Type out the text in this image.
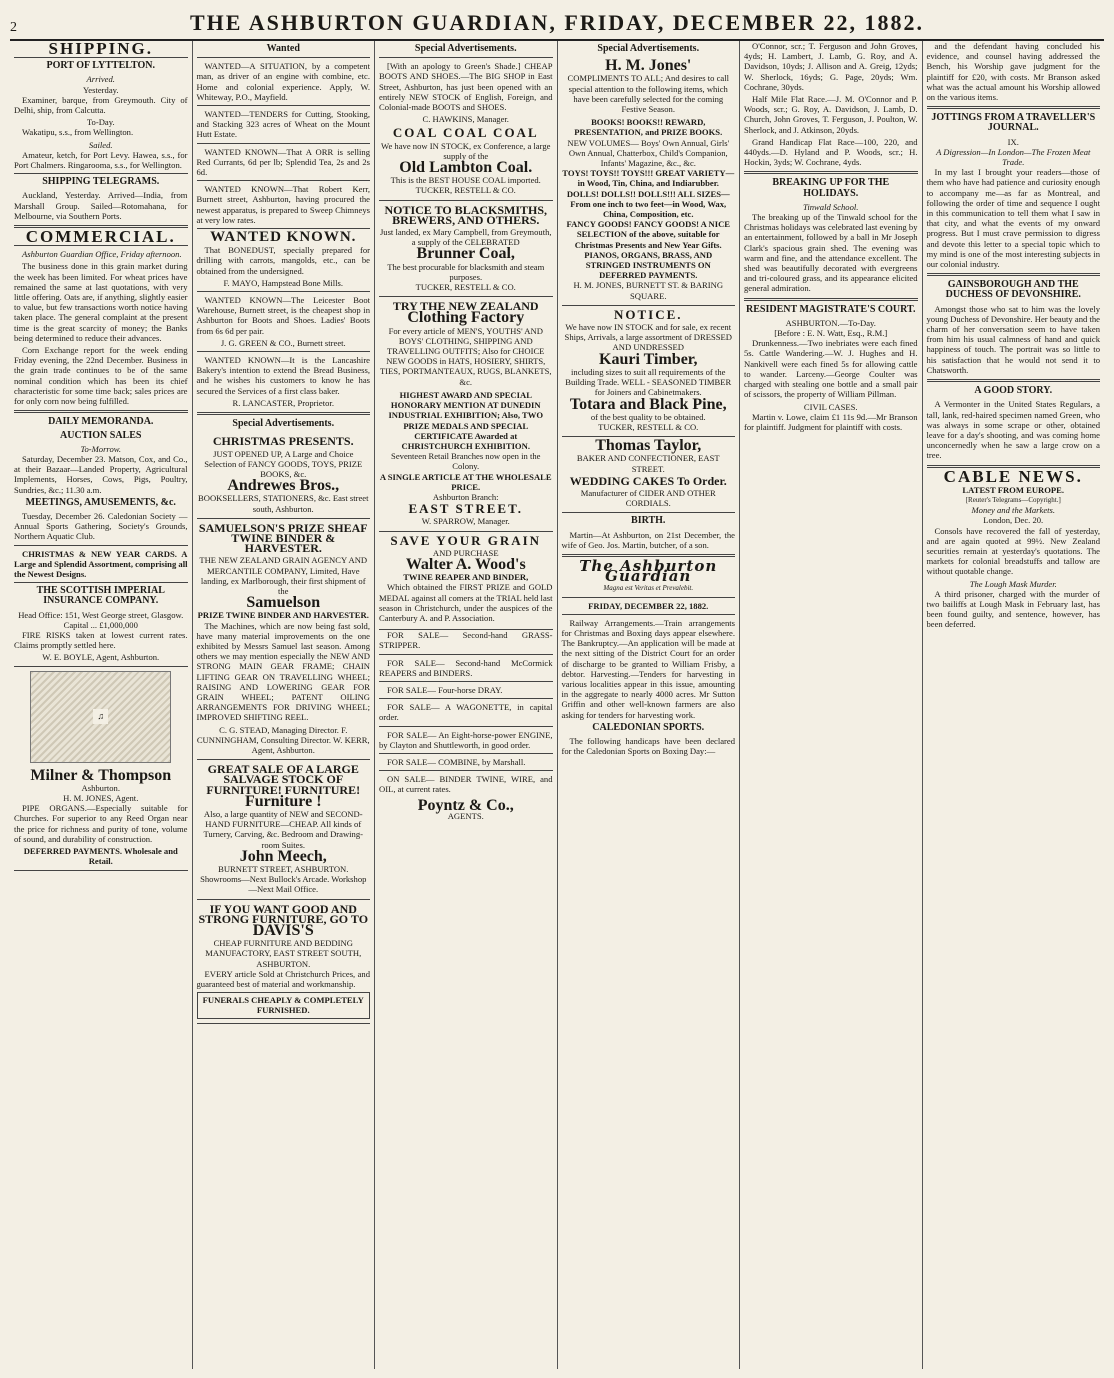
2	THE ASHBURTON GUARDIAN, FRIDAY, DECEMBER 22, 1882.
SHIPPING.
PORT OF LYTTELTON.
Arrived.
Yesterday.

Examiner, barque, from Greymouth. City of Delhi, ship, from Calcutta.

To-Day.

Wakatipu, s.s., from Wellington.

Sailed.

Amateur, ketch, for Port Levy. Hawea, s.s., for Port Chalmers. Ringarooma, s.s., for Wellington.

SHIPPING TELEGRAMS.

Auckland, Yesterday. Arrived—India, from Marshall Group. Sailed—Rotomahana, for Melbourne, via Southern Ports.

COMMERCIAL.

Ashburton Guardian Office, Friday afternoon.

The business done in this grain market during the week has been limited. For wheat prices have remained the same at last quotations, with very little offering. Oats are, if anything, slightly easier to value, but few transactions worth notice having taken place. The general complaint at the present time is the great scarcity of money; the Banks being determined to reduce their advances.

Corn Exchange report for the week ending Friday evening, the 22nd December. Business in the grain trade continues to be of the same nominal condition which has been its chief characteristic for some time back; sales prices are for only corn now being fulfilled.

DAILY MEMORANDA.
AUCTION SALES
To-Morrow.

Saturday, December 23. Matson, Cox, and Co., at their Bazaar—Landed Property, Agricultural Implements, Horses, Cows, Pigs, Poultry, Sundries, &c.; 11.30 a.m.

MEETINGS, AMUSEMENTS, &c.

Tuesday, December 26. Caledonian Society — Annual Sports Gathering, Society's Grounds, Northern Aquatic Club.

CHRISTMAS & NEW YEAR CARDS. A Large and Splendid Assortment, comprising all the Newest Designs.

THE SCOTTISH IMPERIAL INSURANCE COMPANY.
Head Office: 151, West George street, Glasgow.
Capital ... £1,000,000

FIRE RISKS taken at lowest current rates. Claims promptly settled here.

W. E. BOYLE, Agent, Ashburton.
♫
Milner & Thompson
Ashburton.
H. M. JONES, Agent.

PIPE ORGANS.—Especially suitable for Churches. For superior to any Reed Organ near the price for richness and purity of tone, volume of sound, and durability of construction.

DEFERRED PAYMENTS. Wholesale and Retail.
Wanted

WANTED—A SITUATION, by a competent man, as driver of an engine with combine, etc. Home and colonial experience. Apply, W. Whiteway, P.O., Mayfield.

WANTED—TENDERS for Cutting, Stooking, and Stacking 323 acres of Wheat on the Mount Hutt Estate.

WANTED KNOWN—That A ORR is selling Red Currants, 6d per lb; Splendid Tea, 2s and 2s 6d.

WANTED KNOWN—That Robert Kerr, Burnett street, Ashburton, having procured the newest apparatus, is prepared to Sweep Chimneys at very low rates.

WANTED KNOWN.

That BONEDUST, specially prepared for drilling with carrots, mangolds, etc., can be obtained from the undersigned.

F. MAYO, Hampstead Bone Mills.

WANTED KNOWN—The Leicester Boot Warehouse, Burnett street, is the cheapest shop in Ashburton for Boots and Shoes. Ladies' Boots from 6s 6d per pair.

J. G. GREEN & CO., Burnett street.

WANTED KNOWN—It is the Lancashire Bakery's intention to extend the Bread Business, and he wishes his customers to know he has secured the Services of a first class baker.

R. LANCASTER, Proprietor.
Special Advertisements.
CHRISTMAS PRESENTS.
JUST OPENED UP, A Large and Choice Selection of FANCY GOODS, TOYS, PRIZE BOOKS, &c.
Andrewes Bros.,
BOOKSELLERS, STATIONERS, &c. East street south, Ashburton.
SAMUELSON'S PRIZE SHEAF TWINE BINDER & HARVESTER.
THE NEW ZEALAND GRAIN AGENCY AND MERCANTILE COMPANY, Limited, Have landing, ex Marlborough, their first shipment of the
Samuelson
PRIZE TWINE BINDER AND HARVESTER.

The Machines, which are now being fast sold, have many material improvements on the one exhibited by Messrs Samuel last season. Among others we may mention especially the NEW AND STRONG MAIN GEAR FRAME; CHAIN LIFTING GEAR ON TRAVELLING WHEEL; RAISING AND LOWERING GEAR FOR GRAIN WHEEL; PATENT OILING ARRANGEMENTS FOR DRIVING WHEEL; IMPROVED SHIFTING REEL.

C. G. STEAD, Managing Director. F. CUNNINGHAM, Consulting Director. W. KERR, Agent, Ashburton.
GREAT SALE OF A LARGE SALVAGE STOCK OF FURNITURE! FURNITURE!
Furniture !
Also, a large quantity of NEW and SECOND-HAND FURNITURE—CHEAP. All kinds of Turnery, Carving, &c. Bedroom and Drawing-room Suites.
John Meech,
BURNETT STREET, ASHBURTON. Showrooms—Next Bullock's Arcade. Workshop—Next Mail Office.
IF YOU WANT GOOD AND STRONG FURNITURE, GO TO
DAVIS'S
CHEAP FURNITURE AND BEDDING MANUFACTORY, EAST STREET SOUTH, ASHBURTON.

EVERY article Sold at Christchurch Prices, and guaranteed best of material and workmanship.

FUNERALS CHEAPLY & COMPLETELY FURNISHED.
Special Advertisements.

[With an apology to Green's Shade.] CHEAP BOOTS AND SHOES.—The BIG SHOP in East Street, Ashburton, has just been opened with an entirely NEW STOCK of English, Foreign, and Colonial-made BOOTS and SHOES.

C. HAWKINS, Manager.
COAL COAL COAL
We have now IN STOCK, ex Conference, a large supply of the
Old Lambton Coal.
This is the BEST HOUSE COAL imported.
TUCKER, RESTELL & CO.
NOTICE TO BLACKSMITHS, BREWERS, AND OTHERS.
Just landed, ex Mary Campbell, from Greymouth, a supply of the CELEBRATED
Brunner Coal,
The best procurable for blacksmith and steam purposes.
TUCKER, RESTELL & CO.
TRY THE NEW ZEALAND
Clothing Factory
For every article of MEN'S, YOUTHS' AND BOYS' CLOTHING, SHIPPING AND TRAVELLING OUTFITS; Also for CHOICE NEW GOODS in HATS, HOSIERY, SHIRTS, TIES, PORTMANTEAUX, RUGS, BLANKETS, &c.
HIGHEST AWARD AND SPECIAL HONORARY MENTION AT DUNEDIN INDUSTRIAL EXHIBITION; Also, TWO PRIZE MEDALS AND SPECIAL CERTIFICATE Awarded at CHRISTCHURCH EXHIBITION.
Seventeen Retail Branches now open in the Colony.
A SINGLE ARTICLE AT THE WHOLESALE PRICE.
Ashburton Branch:
EAST STREET.
W. SPARROW, Manager.
SAVE YOUR GRAIN
AND PURCHASE
Walter A. Wood's
TWINE REAPER AND BINDER,

Which obtained the FIRST PRIZE and GOLD MEDAL against all comers at the TRIAL held last season in Christchurch, under the auspices of the Canterbury A. and P. Association.

FOR SALE— Second-hand GRASS-STRIPPER.

FOR SALE— Second-hand McCormick REAPERS and BINDERS.

FOR SALE— Four-horse DRAY.

FOR SALE— A WAGONETTE, in capital order.

FOR SALE— An Eight-horse-power ENGINE, by Clayton and Shuttleworth, in good order.

FOR SALE— COMBINE, by Marshall.

ON SALE— BINDER TWINE, WIRE, and OIL, at current rates.

Poyntz & Co.,
AGENTS.
Special Advertisements.
H. M. Jones'
COMPLIMENTS TO ALL; And desires to call special attention to the following items, which have been carefully selected for the coming Festive Season.
BOOKS! BOOKS!! REWARD, PRESENTATION, and PRIZE BOOKS.
NEW VOLUMES— Boys' Own Annual, Girls' Own Annual, Chatterbox, Child's Companion, Infants' Magazine, &c., &c.
TOYS! TOYS!! TOYS!!! GREAT VARIETY—in Wood, Tin, China, and Indiarubber.
DOLLS! DOLLS!! DOLLS!!! ALL SIZES—From one inch to two feet—in Wood, Wax, China, Composition, etc.
FANCY GOODS! FANCY GOODS! A NICE SELECTION of the above, suitable for Christmas Presents and New Year Gifts.
PIANOS, ORGANS, BRASS, AND STRINGED INSTRUMENTS ON DEFERRED PAYMENTS.
H. M. JONES, BURNETT ST. & BARING SQUARE.
NOTICE.
We have now IN STOCK and for sale, ex recent Ships, Arrivals, a large assortment of DRESSED AND UNDRESSED
Kauri Timber,
including sizes to suit all requirements of the Building Trade. WELL - SEASONED TIMBER for Joiners and Cabinetmakers.
Totara and Black Pine,
of the best quality to be obtained.
TUCKER, RESTELL & CO.
Thomas Taylor,
BAKER AND CONFECTIONER, EAST STREET.
WEDDING CAKES To Order.
Manufacturer of CIDER AND OTHER CORDIALS.
BIRTH.

Martin—At Ashburton, on 21st December, the wife of Geo. Jos. Martin, butcher, of a son.

The Ashburton Guardian
Magna est Veritas et Prevalebit.
FRIDAY, DECEMBER 22, 1882.

Railway Arrangements.—Train arrangements for Christmas and Boxing days appear elsewhere. The Bankruptcy.—An application will be made at the next sitting of the District Court for an order of discharge to be granted to William Frisby, a debtor. Harvesting.—Tenders for harvesting in various localities appear in this issue, amounting in the aggregate to nearly 4000 acres. Mr Sutton Griffin and other well-known farmers are also asking for tenders for harvesting work.

CALEDONIAN SPORTS.

The following handicaps have been declared for the Caledonian Sports on Boxing Day:—

O'Connor, scr.; T. Ferguson and John Groves, 4yds; H. Lambert, J. Lamb, G. Roy, and A. Davidson, 10yds; J. Allison and A. Greig, 12yds; W. Sherlock, 16yds; G. Page, 20yds; Wm. Cochrane, 30yds.

Half Mile Flat Race.—J. M. O'Connor and P. Woods, scr.; G. Roy, A. Davidson, J. Lamb, D. Church, John Groves, T. Ferguson, J. Poulton, W. Sherlock, and J. Atkinson, 20yds.

Grand Handicap Flat Race—100, 220, and 440yds.—D. Hyland and P. Woods, scr.; H. Hockin, 3yds; W. Cochrane, 4yds.

BREAKING UP FOR THE HOLIDAYS.
Tinwald School.

The breaking up of the Tinwald school for the Christmas holidays was celebrated last evening by an entertainment, followed by a ball in Mr Joseph Clark's spacious grain shed. The evening was warm and fine, and the attendance excellent. The shed was beautifully decorated with evergreens and tri-coloured grass, and its appearance elicited general admiration.

RESIDENT MAGISTRATE'S COURT.
ASHBURTON.—To-Day.
[Before : E. N. Watt, Esq., R.M.]

Drunkenness.—Two inebriates were each fined 5s. Cattle Wandering.—W. J. Hughes and H. Nankivell were each fined 5s for allowing cattle to wander. Larceny.—George Coulter was charged with stealing one bottle and a small pair of scissors, the property of William Pillman.

CIVIL CASES.

Martin v. Lowe, claim £1 11s 9d.—Mr Branson for plaintiff. Judgment for plaintiff with costs.

and the defendant having concluded his evidence, and counsel having addressed the Bench, his Worship gave judgment for the plaintiff for £20, with costs. Mr Branson asked what was the actual amount his Worship allowed on the various items.

JOTTINGS FROM A TRAVELLER'S JOURNAL.
IX.
A Digression—In London—The Frozen Meat Trade.

In my last I brought your readers—those of them who have had patience and curiosity enough to accompany me—as far as Montreal, and following the order of time and sequence I ought in this communication to tell them what I saw in that city, and what the events of my onward progress. But I must crave permission to digress and devote this letter to a special topic which to my mind is one of the most interesting subjects in our colonial industry.

GAINSBOROUGH AND THE DUCHESS OF DEVONSHIRE.

Amongst those who sat to him was the lovely young Duchess of Devonshire. Her beauty and the charm of her conversation seem to have taken from him his usual calmness of hand and quick happiness of touch. The portrait was so little to his satisfaction that he would not send it to Chatsworth.

A GOOD STORY.

A Vermonter in the United States Regulars, a tall, lank, red-haired specimen named Green, who was always in some scrape or other, obtained leave for a day's shooting, and was coming home unconcernedly when he saw a large crow on a tree.

CABLE NEWS.
LATEST FROM EUROPE.
[Reuter's Telegrams—Copyright.]
Money and the Markets.
London, Dec. 20.

Consols have recovered the fall of yesterday, and are again quoted at 99½. New Zealand securities remain at yesterday's quotations. The markets for colonial breadstuffs and tallow are without quotable change.

The Lough Mask Murder.

A third prisoner, charged with the murder of two bailiffs at Lough Mask in February last, has been found guilty, and sentence, however, has been deferred.
